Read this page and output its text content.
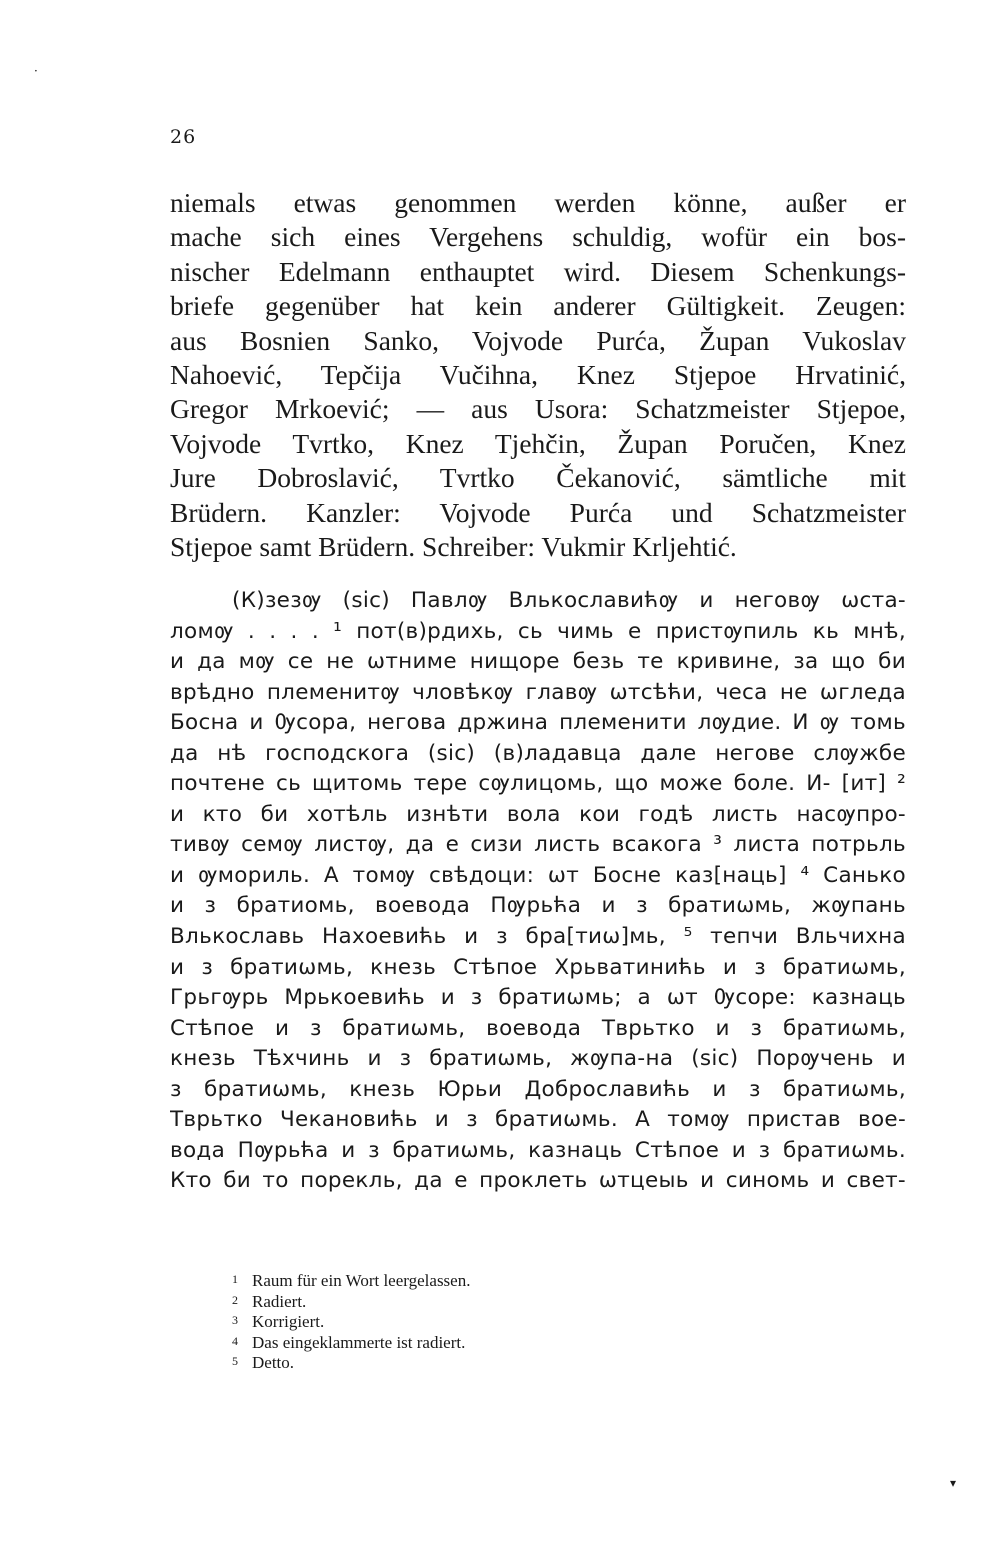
26
niemals etwas genommen werden könne, außer er
mache sich eines Vergehens schuldig, wofür ein bos-
nischer Edelmann enthauptet wird. Diesem Schenkungs-
briefe gegenüber hat kein anderer Gültigkeit. Zeugen:
aus Bosnien Sanko, Vojvode Purća, Župan Vukoslav
Nahoević, Tepčija Vučihna, Knez Stjepoe Hrvatinić,
Gregor Mrkoević; — aus Usora: Schatzmeister Stjepoe,
Vojvode Tvrtko, Knez Tjehčin, Župan Poručen, Knez
Jure Dobroslavić, Tvrtko Čekanović, sämtliche mit
Brüdern. Kanzler: Vojvode Purća und Schatzmeister
Stjepoe samt Brüdern. Schreiber: Vukmir Krljehtić.
(К)зезѹ (sic) Павлѹ Влькославићѹ и неговѹ ѡста-
ломѹ . . . . ¹ пот(в)рдихь, сь чимь е пристѹпиль кь мнѣ,
и да мѹ се не ѡтниме нищоре безь те кривине, за що би
врѣдно племенитѹ чловѣкѹ главѹ ѡтсѣћи, чеса не ѡгледа
Босна и Ѹсора, негова држина племенити лѹдие. И ѹ томь
да нѣ господскога (sic) (в)ладавца дале негове слѹжбе
почтене сь щитомь тере сѹлицомь, що може боле. И- [ит] ²
и кто би хотѣль изнѣти вола кои годѣ листь насѹпро-
тивѹ семѹ листѹ, да е сизи листь всакога ³ листа потрьль
и ѹмориль. А томѹ свѣдоци: ѡт Босне каз[наць] ⁴ Санько
и з братиомь, воевода Пѹрьћа и з братиѡмь, жѹпань
Влькославь Нахоевићь и з бра[тиѡ]мь, ⁵ тепчи Вльчихна
и з братиѡмь, кнезь Стѣпое Хрьватинићь и з братиѡмь,
Грьгѹрь Мрькоевићь и з братиѡмь; а ѡт Ѹсоре: казнаць
Стѣпое и з братиѡмь, воевода Тврьтко и з братиѡмь,
кнезь Тѣхчинь и з братиѡмь, жѹпа-на (sic) Порѹчень и
з братиѡмь, кнезь Юрьи Доброславићь и з братиѡмь,
Тврьтко Чекановићь и з братиѡмь. А томѹ пристав вое-
вода Пѹрьћа и з братиѡмь, казнаць Стѣпое и з братиѡмь.
Кто би то порекль, да е проклеть ѡтцеыь и синомь и свет-
1 Raum für ein Wort leergelassen.
2 Radiert.
3 Korrigiert.
4 Das eingeklammerte ist radiert.
5 Detto.
·
▾
